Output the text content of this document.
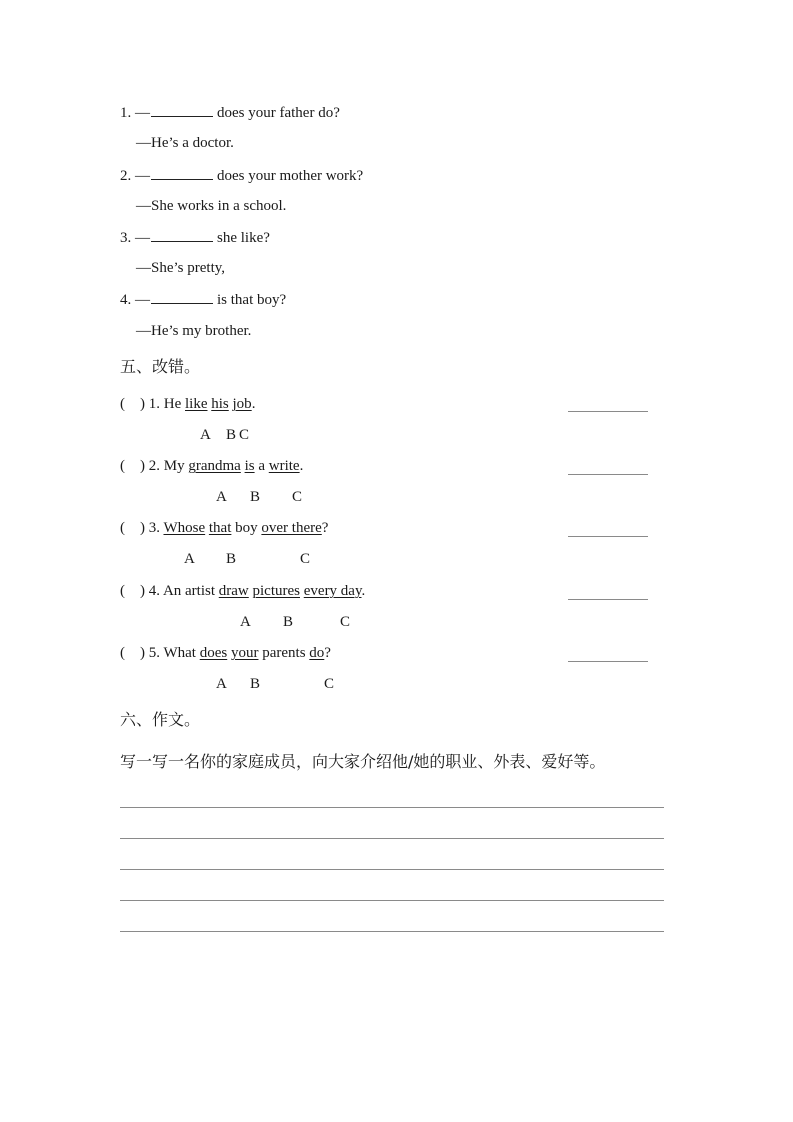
1. —	does your father do?
—He’s a doctor.
2. —	does your mother work?
—She works in a school.
3. —	she like?
—She’s pretty,
4. —	is that boy?
—He’s my brother.
五、改错。
(    ) 1. He like his job.
A B C
(    ) 2. My grandma is a write.
A B C
(    ) 3. Whose that boy over there?
A B	C
(    ) 4. An artist draw pictures every day.
A B	C
(    ) 5. What does your parents do?
A B	C
六、作文。
写一写一名你的家庭成员，向大家介绍他/她的职业、外表、爱好等。
